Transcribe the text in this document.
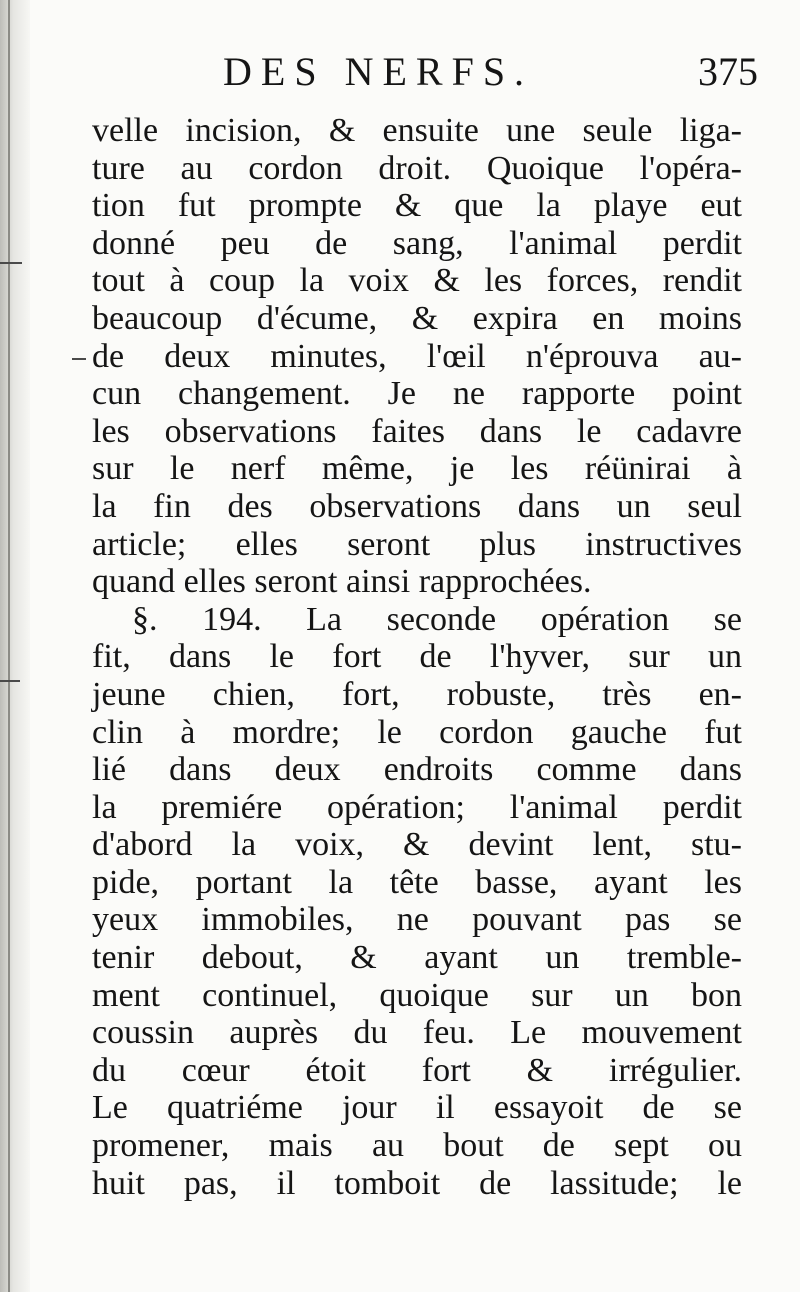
DES NERFS.	375
velle incision, & ensuite une seule liga-
ture au cordon droit. Quoique l'opéra-
tion fut prompte & que la playe eut
donné peu de sang, l'animal perdit
tout à coup la voix & les forces, rendit
beaucoup d'écume, & expira en moins
de deux minutes, l'œil n'éprouva au-
cun changement. Je ne rapporte point
les observations faites dans le cadavre
sur le nerf même, je les réünirai à
la fin des observations dans un seul
article; elles seront plus instructives
quand elles seront ainsi rapprochées.
§. 194. La seconde opération se
fit, dans le fort de l'hyver, sur un
jeune chien, fort, robuste, très en-
clin à mordre; le cordon gauche fut
lié dans deux endroits comme dans
la premiére opération; l'animal perdit
d'abord la voix, & devint lent, stu-
pide, portant la tête basse, ayant les
yeux immobiles, ne pouvant pas se
tenir debout, & ayant un tremble-
ment continuel, quoique sur un bon
coussin auprès du feu. Le mouvement
du cœur étoit fort & irrégulier.
Le quatriéme jour il essayoit de se
promener, mais au bout de sept ou
huit pas, il tomboit de lassitude; le
